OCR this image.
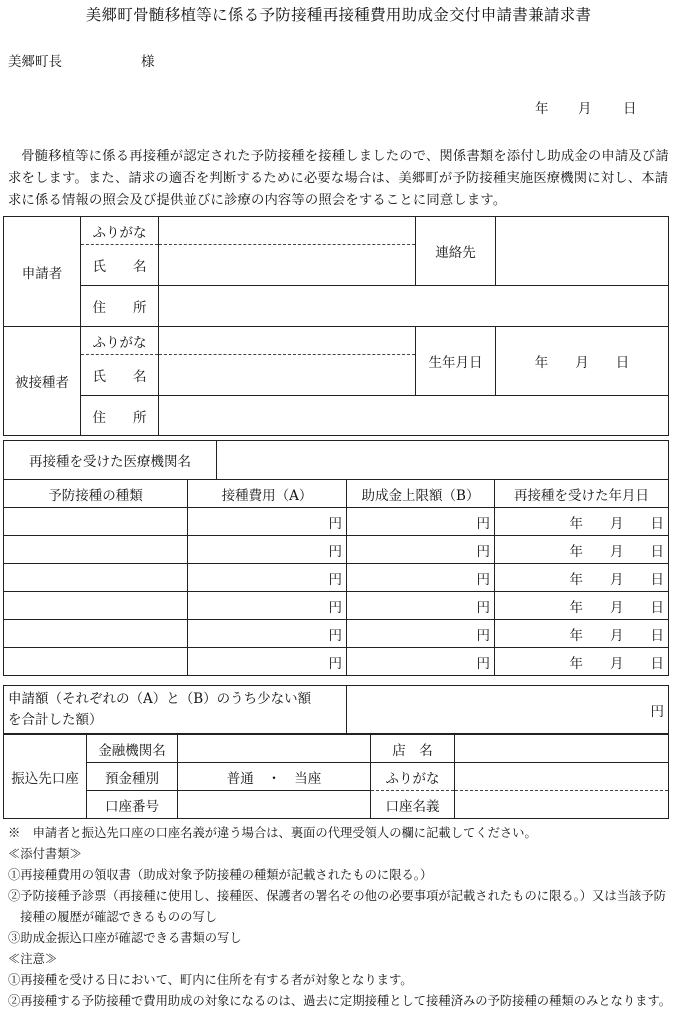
美郷町骨髄移植等に係る予防接種再接種費用助成金交付申請書兼請求書
美郷町長	様
年 月 日
骨髄移植等に係る再接種が認定された予防接種を接種しましたので、関係書類を添付し助成金の申請及び請求をします。また、請求の適否を判断するために必要な場合は、美郷町が予防接種実施医療機関に対し、本請求に係る情報の照会及び提供並びに診療の内容等の照会をすることに同意します。
申請者	ふりがな		連絡先	
	氏　　名			
	住　　所			
被接種者	ふりがな		生年月日	年　　月　　日
	氏　　名			
	住　　所			
再接種を受けた医療機関名	
予防接種の種類	接種費用（A）	助成金上限額（B）	再接種を受けた年月日
	円	円	年　　月　　日
	円	円	年　　月　　日
	円	円	年　　月　　日
	円	円	年　　月　　日
	円	円	年　　月　　日
	円	円	年　　月　　日
申請額（それぞれの（A）と（B）のうち少ない額
を合計した額）	円
振込先口座	金融機関名		店　名	
	預金種別	普通　・　当座	ふりがな	
	口座番号		口座名義	
※　申請者と振込先口座の口座名義が違う場合は、裏面の代理受領人の欄に記載してください。
≪添付書類≫
①再接種費用の領収書（助成対象予防接種の種類が記載されたものに限る。）
②予防接種予診票（再接種に使用し、接種医、保護者の署名その他の必要事項が記載されたものに限る。）又は当該予防
　接種の履歴が確認できるものの写し
③助成金振込口座が確認できる書類の写し
≪注意≫
①再接種を受ける日において、町内に住所を有する者が対象となります。
②再接種する予防接種で費用助成の対象になるのは、過去に定期接種として接種済みの予防接種の種類のみとなります。
